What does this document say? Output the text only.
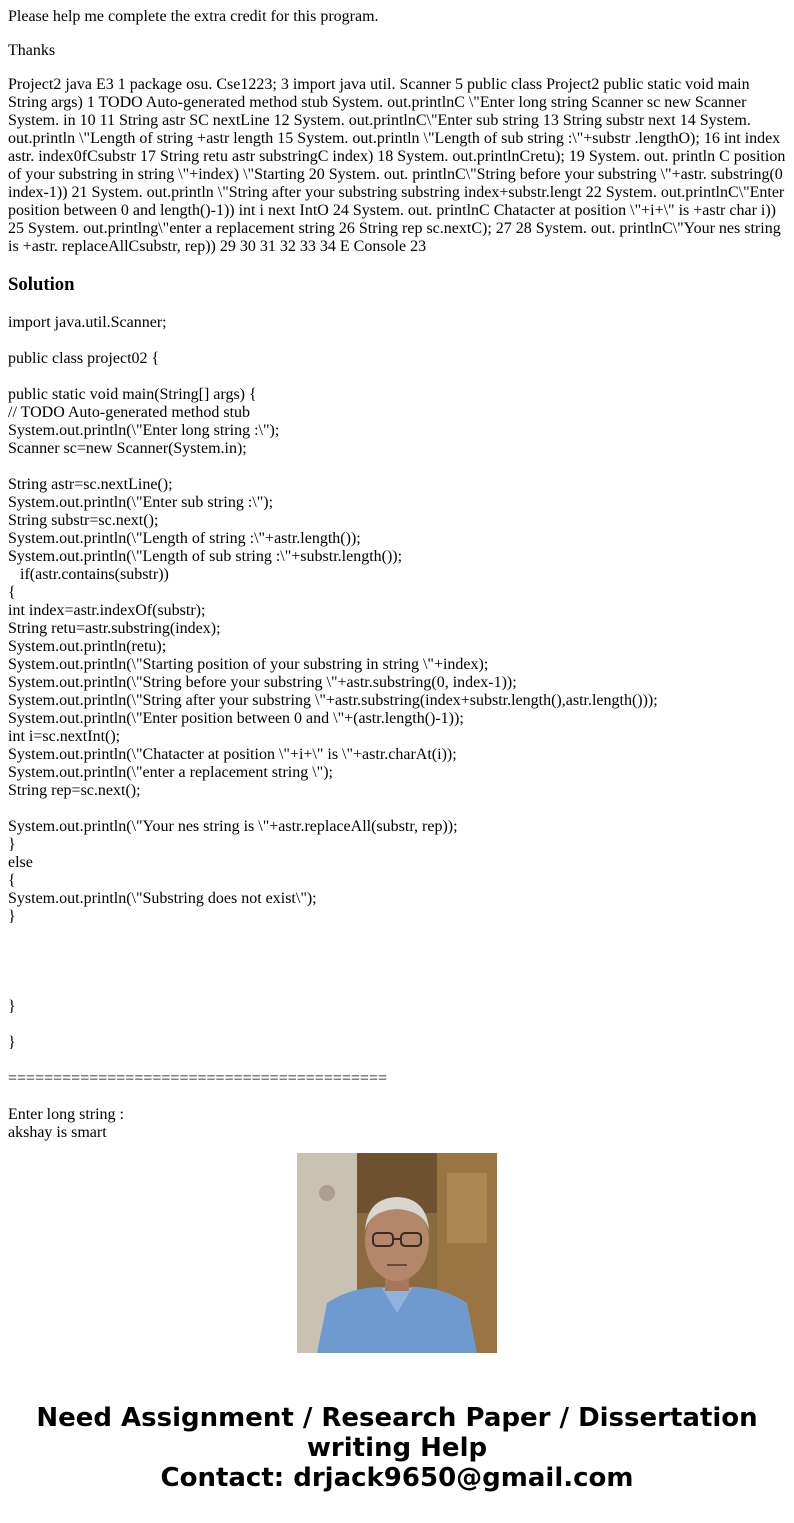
Please help me complete the extra credit for this program.

Thanks

Project2 java E3 1 package osu. Cse1223; 3 import java util. Scanner 5 public class Project2 public static void main String args) 1 TODO Auto-generated method stub System. out.printlnC \"Enter long string Scanner sc new Scanner System. in 10 11 String astr SC nextLine 12 System. out.printlnC\"Enter sub string 13 String substr next 14 System. out.println \"Length of string +astr length 15 System. out.println \"Length of sub string :\"+substr .lengthO); 16 int index astr. index0fCsubstr 17 String retu astr substringC index) 18 System. out.printlnCretu); 19 System. out. println C position of your substring in string \"+index) \"Starting 20 System. out. printlnC\"String before your substring \"+astr. substring(0 index-1)) 21 System. out.println \"String after your substring substring index+substr.lengt 22 System. out.printlnC\"Enter position between 0 and length()-1)) int i next IntO 24 System. out. printlnC Chatacter at position \"+i+\" is +astr char i)) 25 System. out.printlng\"enter a replacement string 26 String rep sc.nextC); 27 28 System. out. printlnC\"Your nes string is +astr. replaceAllCsubstr, rep)) 29 30 31 32 33 34 E Console 23

Solution

import java.util.Scanner;

public class project02 {

public static void main(String[] args) {
// TODO Auto-generated method stub
System.out.println(\"Enter long string :\");
Scanner sc=new Scanner(System.in);
String astr=sc.nextLine();
System.out.println(\"Enter sub string :\");
String substr=sc.next();
System.out.println(\"Length of string :\"+astr.length());
System.out.println(\"Length of sub string :\"+substr.length());
if(astr.contains(substr))
{
int index=astr.indexOf(substr);
String retu=astr.substring(index);
System.out.println(retu);
System.out.println(\"Starting position of your substring in string \"+index);
System.out.println(\"String before your substring \"+astr.substring(0, index-1));
System.out.println(\"String after your substring \"+astr.substring(index+substr.length(),astr.length()));
System.out.println(\"Enter position between 0 and \"+(astr.length()-1));
int i=sc.nextInt();
System.out.println(\"Chatacter at position \"+i+\" is \"+astr.charAt(i));
System.out.println(\"enter a replacement string \");
String rep=sc.next();
System.out.println(\"Your nes string is \"+astr.replaceAll(substr, rep));
}
else
{
System.out.println(\"Substring does not exist\");
}

}

}

==========================================

Enter long string :

akshay is smart

Need Assignment / Research Paper / Dissertation
writing Help
Contact: drjack9650@gmail.com
